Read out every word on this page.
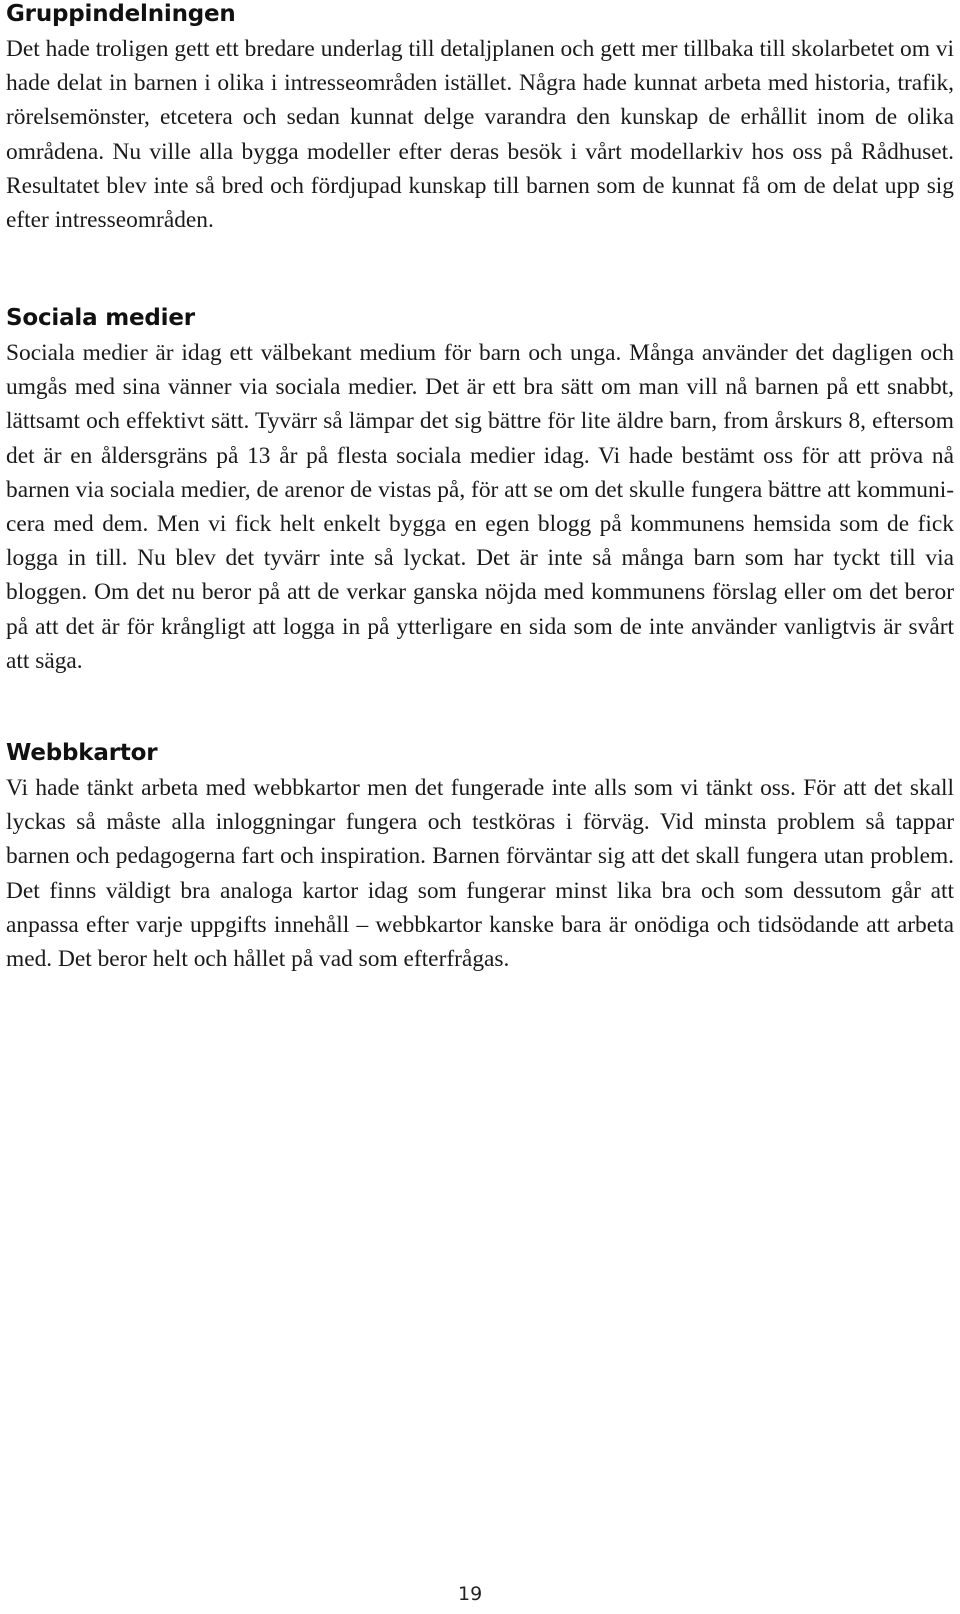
Gruppindelningen

Det hade troligen gett ett bredare underlag till detaljplanen och gett mer tillbaka till skolarbetet om vi hade delat in barnen i olika i intresseområden istället. Några hade kunnat arbeta med historia, trafik, rörelsemönster, etcetera och sedan kunnat delge varandra den kunskap de erhållit inom de olika områdena. Nu ville alla bygga modeller efter deras besök i vårt modellarkiv hos oss på Rådhuset. Resultatet blev inte så bred och fördjupad kunskap till barnen som de kunnat få om de delat upp sig efter intresseområden.

Sociala medier

Sociala medier är idag ett välbekant medium för barn och unga. Många använder det dagligen och umgås med sina vänner via sociala medier. Det är ett bra sätt om man vill nå barnen på ett snabbt, lättsamt och effektivt sätt. Tyvärr så lämpar det sig bättre för lite äldre barn, from årskurs 8, eftersom det är en åldersgräns på 13 år på flesta sociala medier idag. Vi hade bestämt oss för att pröva nå barnen via sociala medier, de arenor de vistas på, för att se om det skulle fungera bättre att kommunicera med dem. Men vi fick helt enkelt bygga en egen blogg på kommunens hemsida som de fick logga in till. Nu blev det tyvärr inte så lyckat. Det är inte så många barn som har tyckt till via bloggen. Om det nu beror på att de verkar ganska nöjda med kommunens förslag eller om det beror på att det är för krångligt att logga in på ytterligare en sida som de inte använder vanligtvis är svårt att säga.

Webbkartor

Vi hade tänkt arbeta med webbkartor men det fungerade inte alls som vi tänkt oss. För att det skall lyckas så måste alla inloggningar fungera och testköras i förväg. Vid minsta problem så tappar barnen och pedagogerna fart och inspiration. Barnen förväntar sig att det skall fungera utan problem. Det finns väldigt bra analoga kartor idag som fungerar minst lika bra och som dessutom går att anpassa efter varje uppgifts innehåll – webbkartor kanske bara är onödiga och tidsödande att arbeta med. Det beror helt och hållet på vad som efterfrågas.

19
